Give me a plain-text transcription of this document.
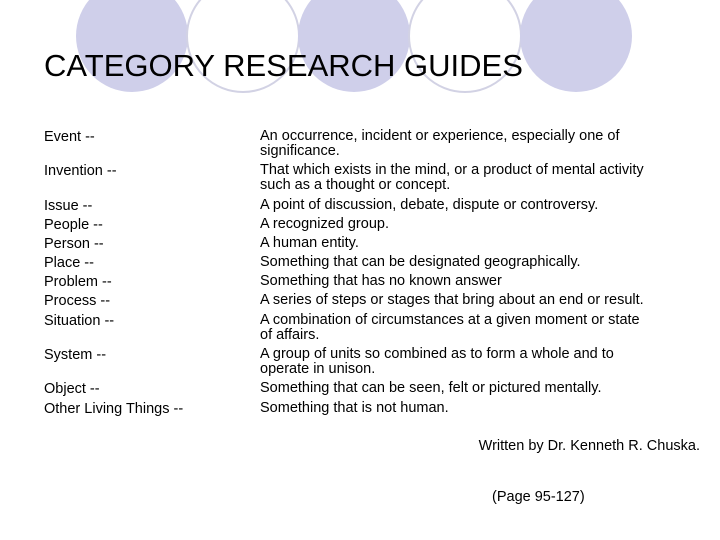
CATEGORY RESEARCH GUIDES
Event --	An occurrence, incident or experience, especially one of
significance.
Invention --	That which exists in the mind, or a product of mental activity
such as a thought or concept.
Issue --	A point of discussion, debate, dispute or controversy.
People --	A recognized group.
Person --	A human entity.
Place --	Something that can be designated geographically.
Problem --	Something that has no known answer
Process --	A series of steps or stages that bring about an end or result.
Situation --	A combination of circumstances at a given moment or state
of affairs.
System --	A group of units so combined as to form a whole and to
operate in unison.
Object --	Something that can be seen, felt or pictured mentally.
Other Living Things --	Something that is not human.
Written by Dr. Kenneth R. Chuska.
(Page 95-127)
